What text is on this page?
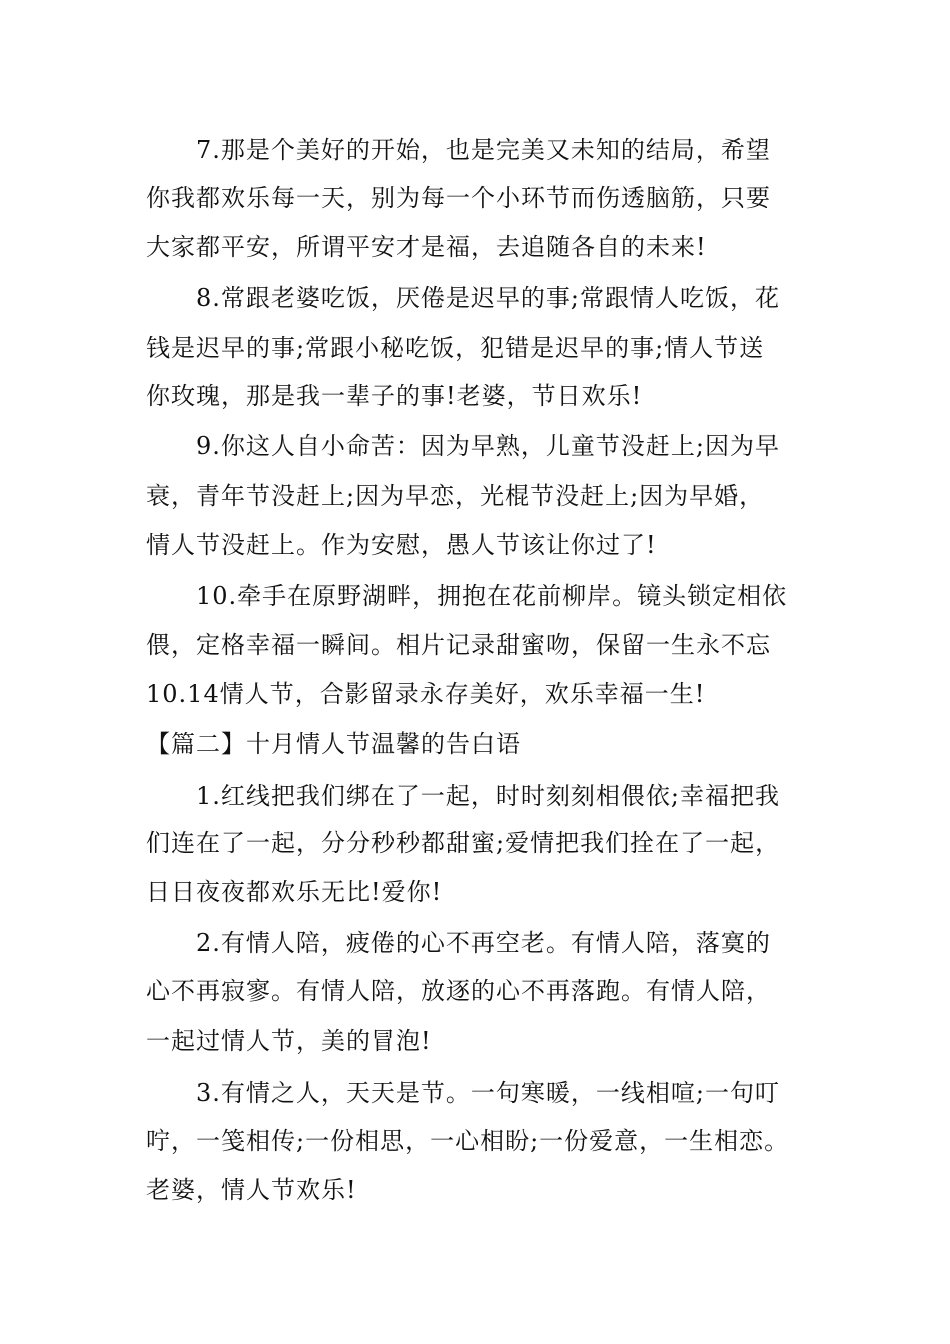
7.那是个美好的开始，也是完美又未知的结局，希望

你我都欢乐每一天，别为每一个小环节而伤透脑筋，只要

大家都平安，所谓平安才是福，去追随各自的未来!

8.常跟老婆吃饭，厌倦是迟早的事;常跟情人吃饭，花

钱是迟早的事;常跟小秘吃饭，犯错是迟早的事;情人节送

你玫瑰，那是我一辈子的事!老婆，节日欢乐!

9.你这人自小命苦：因为早熟，儿童节没赶上;因为早

衰，青年节没赶上;因为早恋，光棍节没赶上;因为早婚，

情人节没赶上。作为安慰，愚人节该让你过了!

10.牵手在原野湖畔，拥抱在花前柳岸。镜头锁定相依

偎，定格幸福一瞬间。相片记录甜蜜吻，保留一生永不忘

10.14情人节，合影留录永存美好，欢乐幸福一生!

【篇二】十月情人节温馨的告白语

1.红线把我们绑在了一起，时时刻刻相偎依;幸福把我

们连在了一起，分分秒秒都甜蜜;爱情把我们拴在了一起，

日日夜夜都欢乐无比!爱你!

2.有情人陪，疲倦的心不再空老。有情人陪，落寞的

心不再寂寥。有情人陪，放逐的心不再落跑。有情人陪，

一起过情人节，美的冒泡!

3.有情之人，天天是节。一句寒暖，一线相喧;一句叮

咛，一笺相传;一份相思，一心相盼;一份爱意，一生相恋。

老婆，情人节欢乐!
